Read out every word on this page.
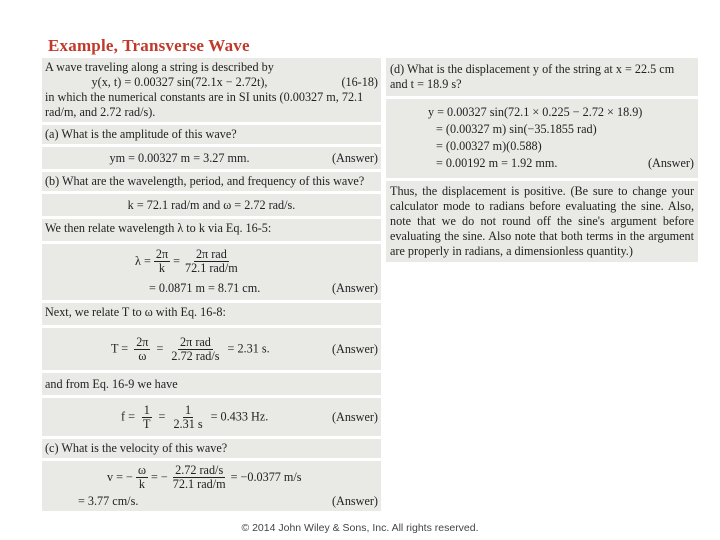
Example, Transverse Wave
A wave traveling along a string is described by
y(x, t) = 0.00327 sin(72.1x − 2.72t),	(16-18)
in which the numerical constants are in SI units (0.00327 m, 72.1 rad/m, and 2.72 rad/s).
(a) What is the amplitude of this wave?
ym = 0.00327 m = 3.27 mm.	(Answer)
(b) What are the wavelength, period, and frequency of this wave?
k = 72.1 rad/m and ω = 2.72 rad/s.
We then relate wavelength λ to k via Eq. 16-5:
$\lambda = \frac{2\pi}{k} = \frac{\text{2π rad}}{\text{72.1 rad/m}}$
= 0.0871 m = 8.71 cm.	(Answer)
Next, we relate T to ω with Eq. 16-8:
$T = \frac{2\pi}{\omega} = \frac{\text{2π rad}}{\text{2.72 rad/s}} = 2.31$ s.	(Answer)
and from Eq. 16-9 we have
$f = \frac{1}{T} = \frac{1}{2.31 s} = 0.433$ Hz.	(Answer)
(c) What is the velocity of this wave?
v = − $\frac{\omega}{k}$ = − $\frac{\text{2.72 rad/s}}{\text{72.1 rad/m}} = -0.0377$ m/s
= 3.77 cm/s.	(Answer)
(d) What is the displacement y of the string at x = 22.5 cm and t = 18.9 s?
y = 0.00327 sin(72.1 × 0.225 − 2.72 × 18.9)
= (0.00327 m) sin(−35.1855 rad)
= (0.00327 m)(0.588)
= 0.00192 m = 1.92 mm.	(Answer)
Thus, the displacement is positive. (Be sure to change your calculator mode to radians before evaluating the sine. Also, note that we do not round off the sine's argument before evaluating the sine. Also note that both terms in the argument are properly in radians, a dimensionless quantity.)
© 2014 John Wiley & Sons, Inc. All rights reserved.
